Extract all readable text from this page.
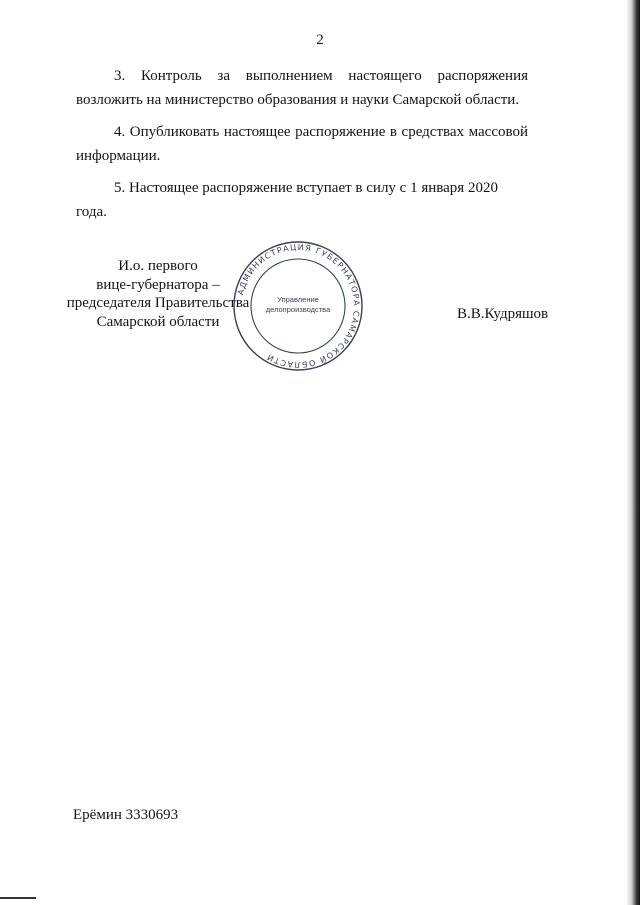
2

3. Контроль за выполнением настоящего распоряжения возложить на министерство образования и науки Самарской области.

4. Опубликовать настоящее распоряжение в средствах массовой информации.

5. Настоящее распоряжение вступает в силу с 1 января 2020 года.

И.о. первого
вице-губернатора –
председателя Правительства
Самарской области
АДМИНИСТРАЦИЯ ГУБЕРНАТОРА САМАРСКОЙ ОБЛАСТИ
Управление
делопроизводства	В.В.Кудряшов
Ерёмин 3330693
